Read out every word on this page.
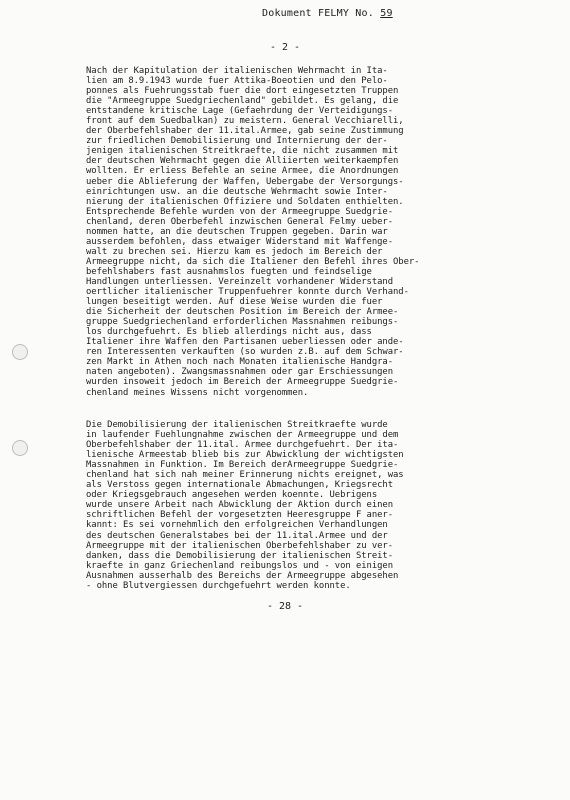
Dokument FELMY No. 59
- 2 -
Nach der Kapitulation der italienischen Wehrmacht in Ita-
lien am 8.9.1943 wurde fuer Attika-Boeotien und den Pelo-
ponnes als Fuehrungsstab fuer die dort eingesetzten Truppen
die "Armeegruppe Suedgriechenland" gebildet. Es gelang, die
entstandene kritische Lage (Gefaehrdung der Verteidigungs-
front auf dem Suedbalkan) zu meistern. General Vecchiarelli,
der Oberbefehlshaber der 11.ital.Armee, gab seine Zustimmung
zur friedlichen Demobilisierung und Internierung der der-
jenigen italienischen Streitkraefte, die nicht zusammen mit
der deutschen Wehrmacht gegen die Alliierten weiterkaempfen
wollten. Er erliess Befehle an seine Armee, die Anordnungen
ueber die Ablieferung der Waffen, Uebergabe der Versorgungs-
einrichtungen usw. an die deutsche Wehrmacht sowie Inter-
nierung der italienischen Offiziere und Soldaten enthielten.
Entsprechende Befehle wurden von der Armeegruppe Suedgrie-
chenland, deren Oberbefehl inzwischen General Felmy ueber-
nommen hatte, an die deutschen Truppen gegeben. Darin war
ausserdem befohlen, dass etwaiger Widerstand mit Waffenge-
walt zu brechen sei. Hierzu kam es jedoch im Bereich der
Armeegruppe nicht, da sich die Italiener den Befehl ihres Ober-
befehlshabers fast ausnahmslos fuegten und feindselige
Handlungen unterliessen. Vereinzelt vorhandener Widerstand
oertlicher italienischer Truppenfuehrer konnte durch Verhand-
lungen beseitigt werden. Auf diese Weise wurden die fuer
die Sicherheit der deutschen Position im Bereich der Armee-
gruppe Suedgriechenland erforderlichen Massnahmen reibungs-
los durchgefuehrt. Es blieb allerdings nicht aus, dass
Italiener ihre Waffen den Partisanen ueberliessen oder ande-
ren Interessenten verkauften (so wurden z.B. auf dem Schwar-
zen Markt in Athen noch nach Monaten italienische Handgra-
naten angeboten). Zwangsmassnahmen oder gar Erschiessungen
wurden insoweit jedoch im Bereich der Armeegruppe Suedgrie-
chenland meines Wissens nicht vorgenommen.
Die Demobilisierung der italienischen Streitkraefte wurde
in laufender Fuehlungnahme zwischen der Armeegruppe und dem
Oberbefehlshaber der 11.ital. Armee durchgefuehrt. Der ita-
lienische Armeestab blieb bis zur Abwicklung der wichtigsten
Massnahmen in Funktion. Im Bereich derArmeegruppe Suedgrie-
chenland hat sich nah meiner Erinnerung nichts ereignet, was
als Verstoss gegen internationale Abmachungen, Kriegsrecht
oder Kriegsgebrauch angesehen werden koennte. Uebrigens
wurde unsere Arbeit nach Abwicklung der Aktion durch einen
schriftlichen Befehl der vorgesetzten Heeresgruppe F aner-
kannt: Es sei vornehmlich den erfolgreichen Verhandlungen
des deutschen Generalstabes bei der 11.ital.Armee und der
Armeegruppe mit der italienischen Oberbefehlshaber zu ver-
danken, dass die Demobilisierung der italienischen Streit-
kraefte in ganz Griechenland reibungslos und - von einigen
Ausnahmen ausserhalb des Bereichs der Armeegruppe abgesehen
- ohne Blutvergiessen durchgefuehrt werden konnte.
- 28 -
